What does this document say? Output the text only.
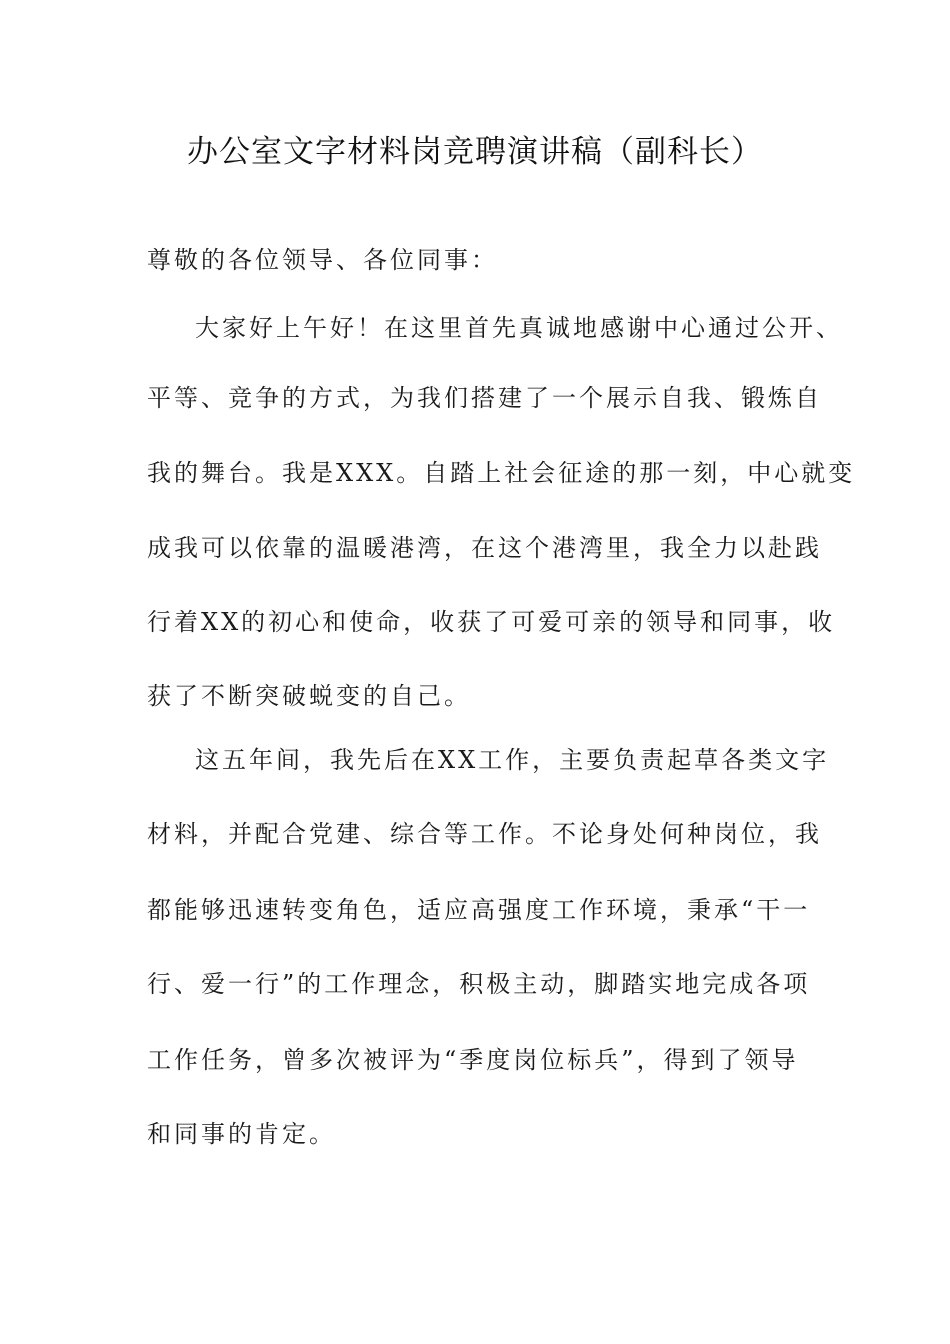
办公室文字材料岗竞聘演讲稿（副科长）
尊敬的各位领导、各位同事：
大家好上午好！在这里首先真诚地感谢中心通过公开、
平等、竞争的方式，为我们搭建了一个展示自我、锻炼自
我的舞台。我是XXX。自踏上社会征途的那一刻，中心就变
成我可以依靠的温暖港湾，在这个港湾里，我全力以赴践
行着XX的初心和使命，收获了可爱可亲的领导和同事，收
获了不断突破蜕变的自己。
这五年间，我先后在XX工作，主要负责起草各类文字
材料，并配合党建、综合等工作。不论身处何种岗位，我
都能够迅速转变角色，适应高强度工作环境，秉承“干一
行、爱一行”的工作理念，积极主动，脚踏实地完成各项
工作任务，曾多次被评为“季度岗位标兵”，得到了领导
和同事的肯定。
